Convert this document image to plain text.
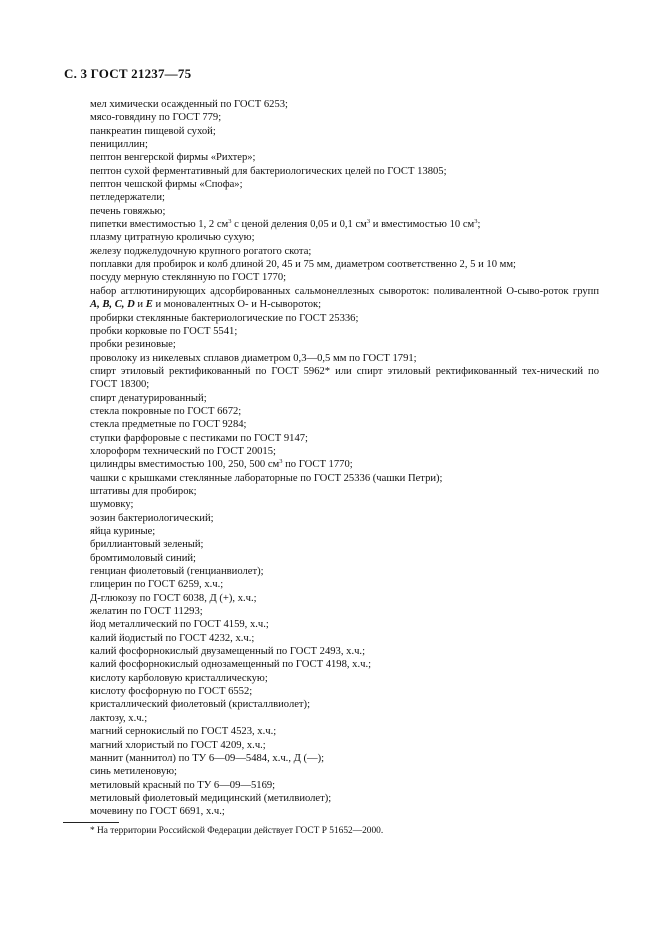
С. 3 ГОСТ 21237—75
мел химически осажденный по ГОСТ 6253;
мясо-говядину по ГОСТ 779;
панкреатин пищевой сухой;
пенициллин;
пептон венгерской фирмы «Рихтер»;
пептон сухой ферментативный для бактериологических целей по ГОСТ 13805;
пептон чешской фирмы «Спофа»;
петледержатели;
печень говяжью;
пипетки вместимостью 1, 2 $см^3$ с ценой деления 0,05 и 0,1 $см^3$ и вместимостью 10 $см^3$;
плазму цитратную кроличью сухую;
железу поджелудочную крупного рогатого скота;
поплавки для пробирок и колб длиной 20, 45 и 75 мм, диаметром соответственно 2, 5 и 10 мм;
посуду мерную стеклянную по ГОСТ 1770;
набор агглютинирующих адсорбированных сальмонеллезных сывороток: поливалентной О-сыво-роток групп А, В, С, D и Е и моновалентных О- и Н-сывороток;
пробирки стеклянные бактериологические по ГОСТ 25336;
пробки корковые по ГОСТ 5541;
пробки резиновые;
проволоку из никелевых сплавов диаметром 0,3—0,5 мм по ГОСТ 1791;
спирт этиловый ректификованный по ГОСТ 5962* или спирт этиловый ректификованный тех-нический по ГОСТ 18300;
спирт денатурированный;
стекла покровные по ГОСТ 6672;
стекла предметные по ГОСТ 9284;
ступки фарфоровые с пестиками по ГОСТ 9147;
хлороформ технический по ГОСТ 20015;
цилиндры вместимостью 100, 250, 500 $см^3$ по ГОСТ 1770;
чашки с крышками стеклянные лабораторные по ГОСТ 25336 (чашки Петри);
штативы для пробирок;
шумовку;
эозин бактериологический;
яйца куриные;
бриллиантовый зеленый;
бромтимоловый синий;
генциан фиолетовый (генцианвиолет);
глицерин по ГОСТ 6259, х.ч.;
Д-глюкозу по ГОСТ 6038, Д (+), х.ч.;
желатин по ГОСТ 11293;
йод металлический по ГОСТ 4159, х.ч.;
калий йодистый по ГОСТ 4232, х.ч.;
калий фосфорнокислый двузамещенный по ГОСТ 2493, х.ч.;
калий фосфорнокислый однозамещенный по ГОСТ 4198, х.ч.;
кислоту карболовую кристаллическую;
кислоту фосфорную по ГОСТ 6552;
кристаллический фиолетовый (кристаллвиолет);
лактозу, х.ч.;
магний сернокислый по ГОСТ 4523, х.ч.;
магний хлористый по ГОСТ 4209, х.ч.;
маннит (маннитол) по ТУ 6—09—5484, х.ч., Д (—);
синь метиленовую;
метиловый красный по ТУ 6—09—5169;
метиловый фиолетовый медицинский (метилвиолет);
мочевину по ГОСТ 6691, х.ч.;
* На территории Российской Федерации действует ГОСТ Р 51652—2000.
